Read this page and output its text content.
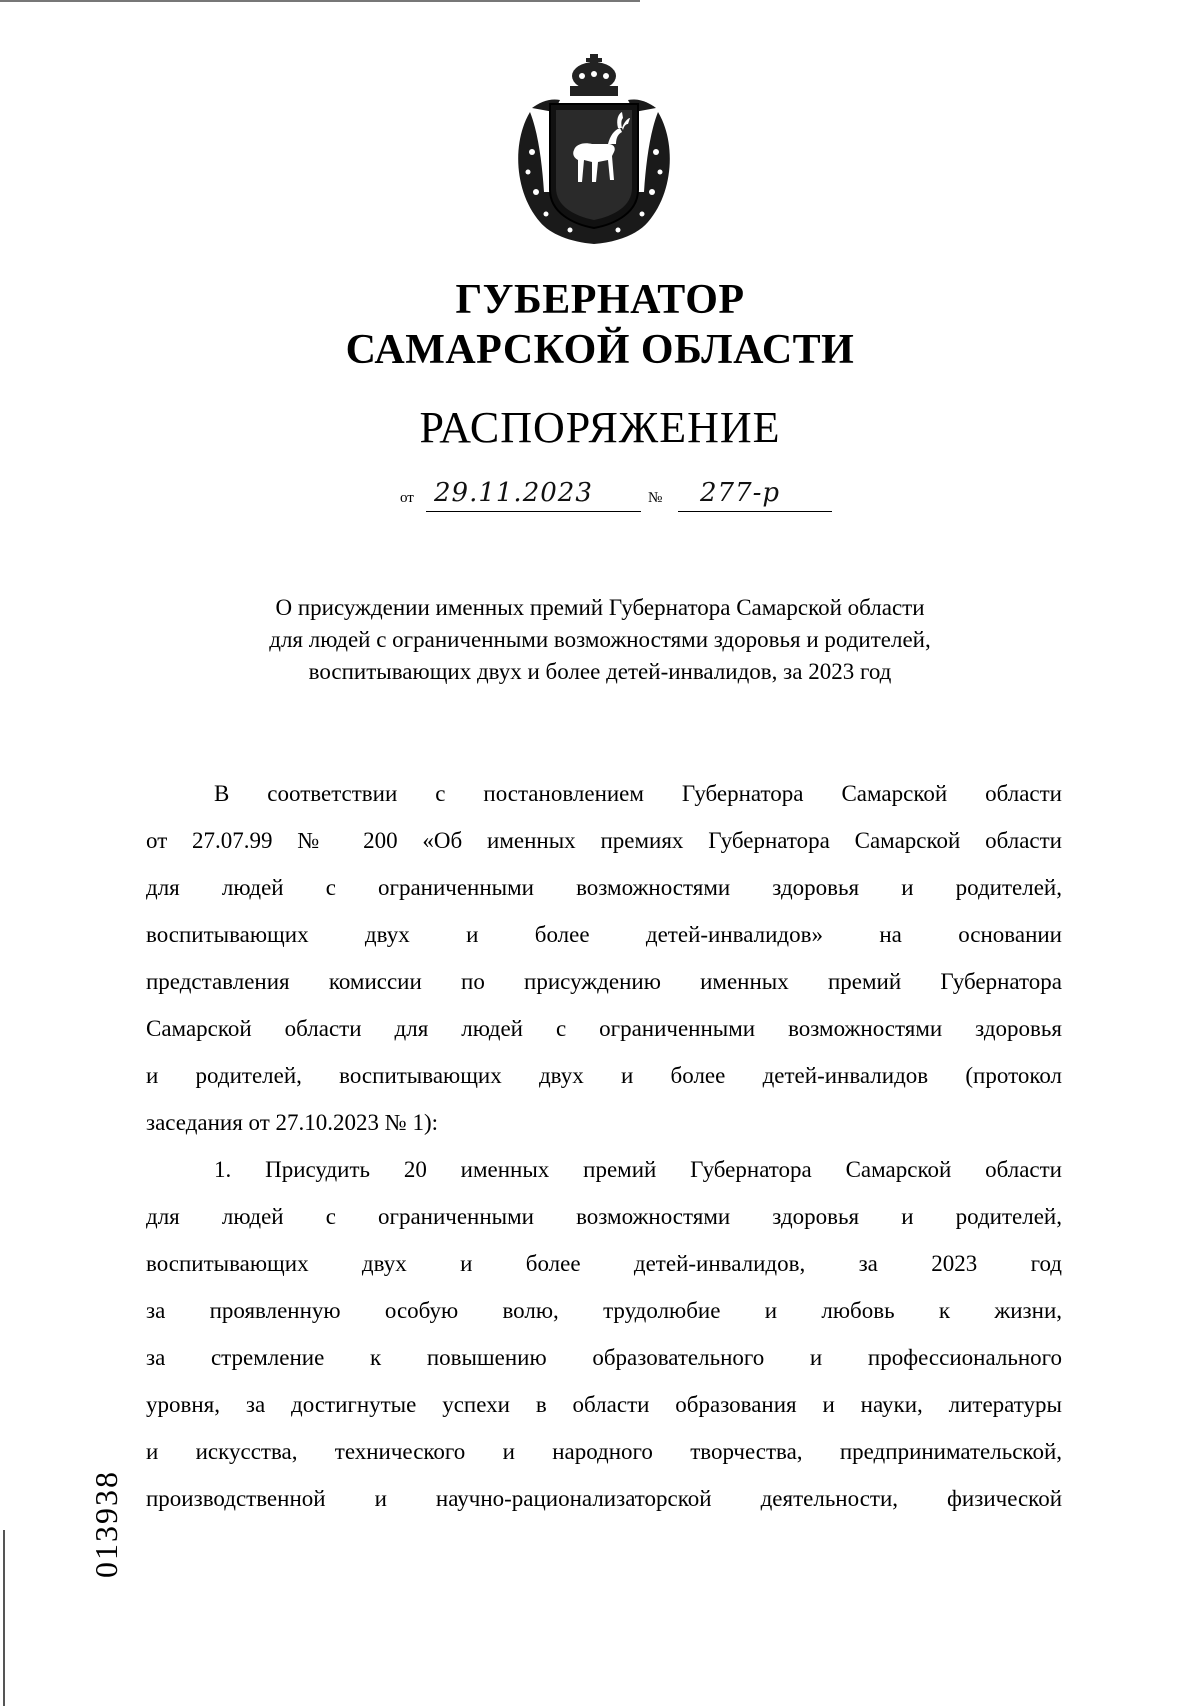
ГУБЕРНАТОР
САМАРСКОЙ ОБЛАСТИ
РАСПОРЯЖЕНИЕ
от 29.11.2023	№ 277-р
О присуждении именных премий Губернатора Самарской области
для людей с ограниченными возможностями здоровья и родителей,
воспитывающих двух и более детей-инвалидов, за 2023 год
В соответствии с постановлением Губернатора Самарской области
от 27.07.99 № 200 «Об именных премиях Губернатора Самарской области
для людей с ограниченными возможностями здоровья и родителей,
воспитывающих двух и более детей-инвалидов» на основании
представления комиссии по присуждению именных премий Губернатора
Самарской области для людей с ограниченными возможностями здоровья
и родителей, воспитывающих двух и более детей-инвалидов (протокол
заседания от 27.10.2023 № 1):
1. Присудить 20 именных премий Губернатора Самарской области
для людей с ограниченными возможностями здоровья и родителей,
воспитывающих двух и более детей-инвалидов, за 2023 год
за проявленную особую волю, трудолюбие и любовь к жизни,
за стремление к повышению образовательного и профессионального
уровня, за достигнутые успехи в области образования и науки, литературы
и искусства, технического и народного творчества, предпринимательской,
производственной и научно-рационализаторской деятельности, физической
013938
